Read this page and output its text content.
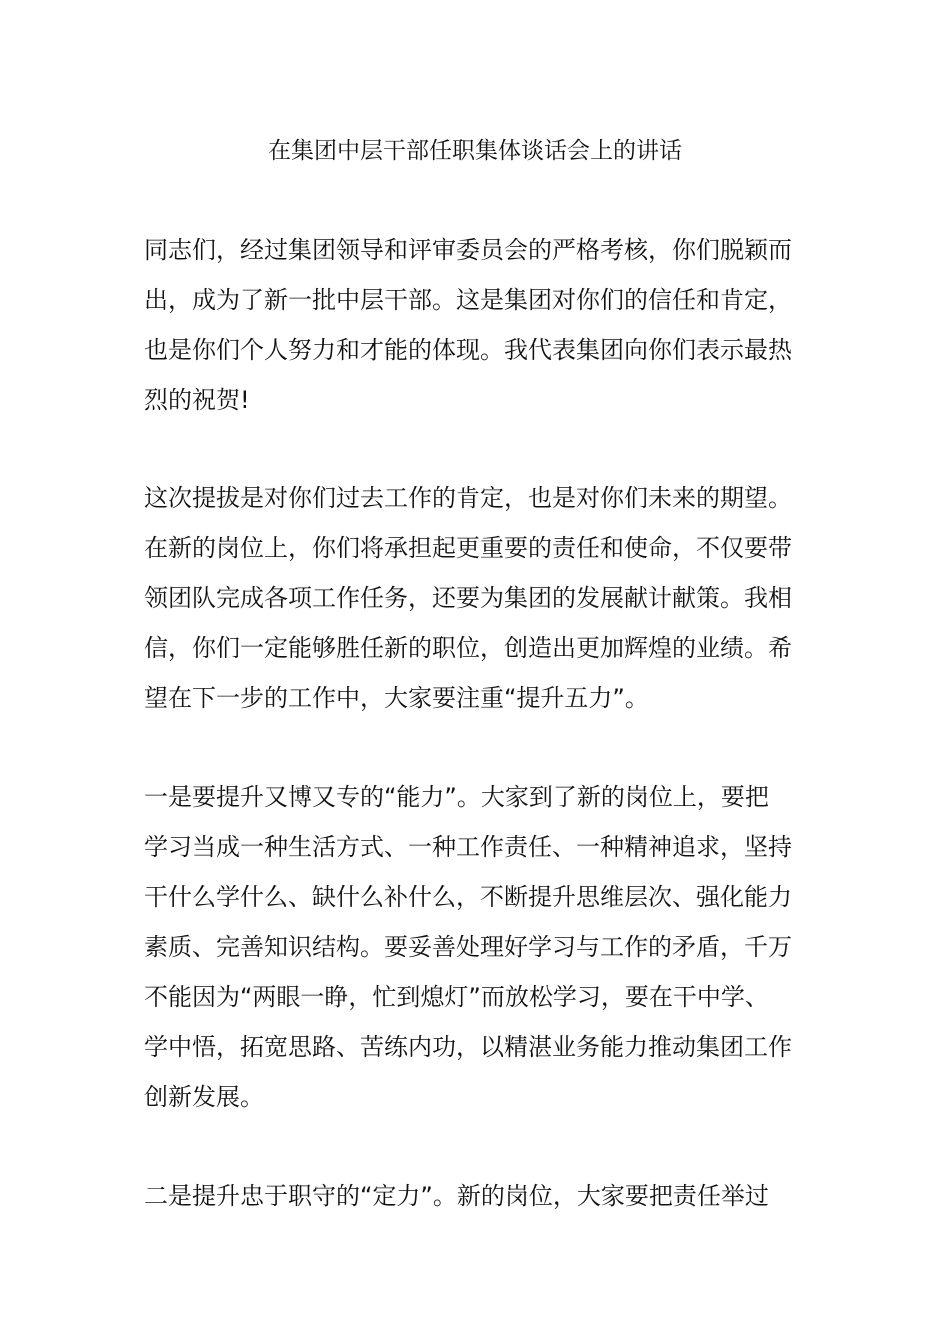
在集团中层干部任职集体谈话会上的讲话
同志们，经过集团领导和评审委员会的严格考核，你们脱颖而
出，成为了新一批中层干部。这是集团对你们的信任和肯定，
也是你们个人努力和才能的体现。我代表集团向你们表示最热
烈的祝贺!
这次提拔是对你们过去工作的肯定，也是对你们未来的期望。
在新的岗位上，你们将承担起更重要的责任和使命，不仅要带
领团队完成各项工作任务，还要为集团的发展献计献策。我相
信，你们一定能够胜任新的职位，创造出更加辉煌的业绩。希
望在下一步的工作中，大家要注重“提升五力”。
一是要提升又博又专的“能力”。大家到了新的岗位上，要把
学习当成一种生活方式、一种工作责任、一种精神追求，坚持
干什么学什么、缺什么补什么，不断提升思维层次、强化能力
素质、完善知识结构。要妥善处理好学习与工作的矛盾，千万
不能因为“两眼一睁，忙到熄灯”而放松学习，要在干中学、
学中悟，拓宽思路、苦练内功，以精湛业务能力推动集团工作
创新发展。
二是提升忠于职守的“定力”。新的岗位，大家要把责任举过
